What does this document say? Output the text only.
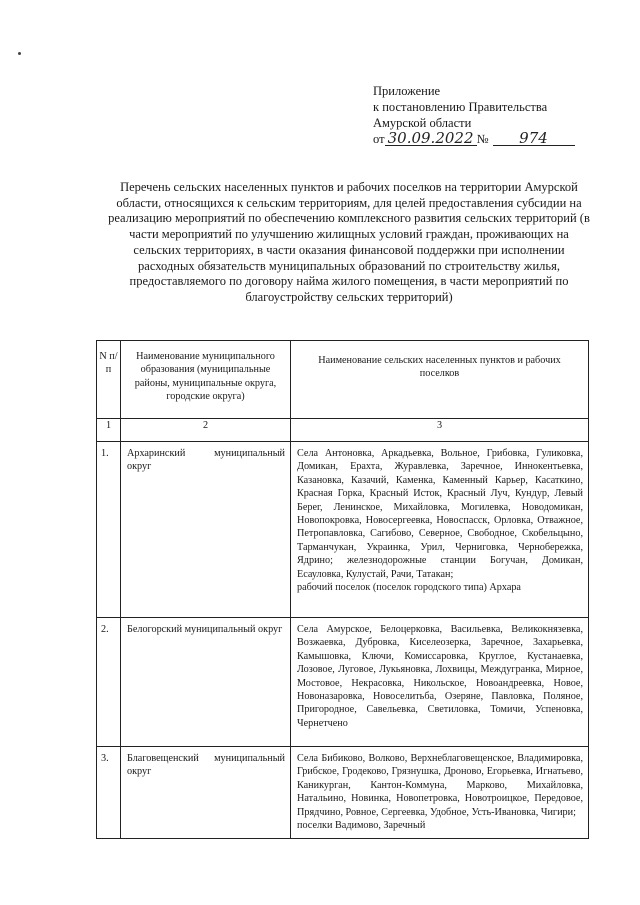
Приложение
к постановлению Правительства
Амурской области
от 30.09.2022 №	974
Перечень сельских населенных пунктов и рабочих поселков на территории Амурской области, относящихся к сельским территориям, для целей предоставления субсидии на реализацию мероприятий по обеспечению комплексного развития сельских территорий (в части мероприятий по улучшению жилищных условий граждан, проживающих на сельских территориях, в части оказания финансовой поддержки при исполнении расходных обязательств муниципальных образований по строительству жилья, предоставляемого по договору найма жилого помещения, в части мероприятий по благоустройству сельских территорий)
N п/п	Наименование муниципального образования (муниципальные районы, муниципальные округа, городские округа)	Наименование сельских населенных пунктов и рабочих поселков
1	2	3
1.	Архаринский муниципальный округ	Села Антоновка, Аркадьевка, Вольное, Грибовка, Гуликовка, Домикан, Ерахта, Журавлевка, Заречное, Иннокентьевка, Казановка, Казачий, Каменка, Каменный Карьер, Касаткино, Красная Горка, Красный Исток, Красный Луч, Кундур, Левый Берег, Ленинское, Михайловка, Могилевка, Новодомикан, Новопокровка, Новосергеевка, Новоспасск, Орловка, Отважное, Петропавловка, Сагибово, Северное, Свободное, Скобельцыно, Тарманчукан, Украинка, Урил, Черниговка, Чернобережка, Ядрино; железнодорожные станции Богучан, Домикан, Есауловка, Кулустай, Рачи, Татакан;
рабочий поселок (поселок городского типа) Архара

2.	Белогорский муниципальный округ	Села Амурское, Белоцерковка, Васильевка, Великокнязевка, Возжаевка, Дубровка, Киселеозерка, Заречное, Захарьевка, Камышовка, Ключи, Комиссаровка, Круглое, Кустанаевка, Лозовое, Луговое, Лукьяновка, Лохвицы, Междугранка, Мирное, Мостовое, Некрасовка, Никольское, Новоандреевка, Новое, Новоназаровка, Новоселитьба, Озеряне, Павловка, Поляное, Пригородное, Савельевка, Светиловка, Томичи, Успеновка, Чернетчено

3.	Благовещенский муниципальный округ	Села Бибиково, Волково, Верхнеблаговещенское, Владимировка, Грибское, Гродеково, Грязнушка, Дроново, Егорьевка, Игнатьево, Каникурган, Кантон-Коммуна, Марково, Михайловка, Натальино, Новинка, Новопетровка, Новотроицкое, Передовое, Прядчино, Ровное, Сергеевка, Удобное, Усть-Ивановка, Чигири;
поселки Вадимово, Заречный
